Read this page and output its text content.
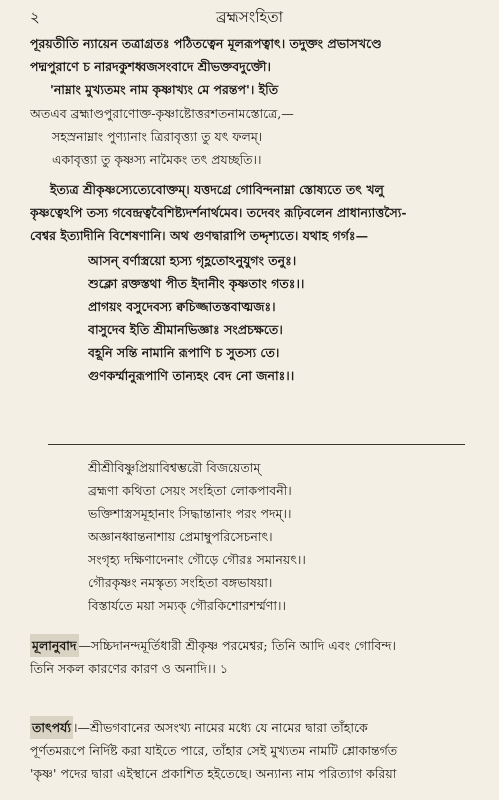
২	ব্রহ্মসংহিতা
পূরয়তীতি ন্যায়েন তত্রাগ্রতঃ পঠিতত্বেন মূলরূপত্বাৎ। তদুক্তং প্রভাসখণ্ডে
পদ্মপুরাণে চ নারদকুশধ্বজসংবাদে শ্রীভক্তবদুক্তৌ।
'নাম্নাং মুখ্যতমং নাম কৃষ্ণাখ্যং মে পরন্তপ'। ইতি
অতএব ব্রহ্মাণ্ডপুরাণোক্ত-কৃষ্ণাষ্টোত্তরশতনামস্তোত্রে,—
সহস্রনাম্নাং পুণ্যানাং ত্রিরাবৃত্ত্যা তু যৎ ফলম্।
একাবৃত্ত্যা তু কৃষ্ণস্য নামৈকং তৎ প্রযচ্ছতি।।
ইত্যত্র শ্রীকৃষ্ণস্যেত্যেবোক্তম্। যত্তদগ্রে গোবিন্দনাম্না স্তোষ্যতে তৎ খলু
কৃষ্ণত্বেঽপি তস্য গবেন্দ্রত্ববৈশিষ্ট্যদর্শনার্থমেব। তদেবং রূঢ়িবলেন প্রাধান্যাত্তস্যৈ-
বেশ্বর ইত্যাদীনি বিশেষণানি। অথ গুণদ্বারাপি তদ্দৃশ্যতে। যথাহ গর্গঃ—
আসন্ বর্ণাস্ত্রয়ো হ্যস্য গৃহ্ণতোঽনুযুগং তনুঃ।
শুক্লো রক্তস্তথা পীত ইদানীং কৃষ্ণতাং গতঃ।।
প্রাগয়ং বসুদেবস্য ক্বচিজ্জাতস্তবাত্মজঃ।
বাসুদেব ইতি শ্রীমানভিজ্ঞাঃ সংপ্রচক্ষতে।
বহূনি সন্তি নামানি রূপাণি চ সুতস্য তে।
গুণকর্ম্মানুরূপাণি তান্যহং বেদ নো জনাঃ।।
শ্রীশ্রীবিষ্ণুপ্রিয়াবিশ্বম্ভরৌ বিজয়েতাম্
ব্রহ্মণা কথিতা সেয়ং সংহিতা লোকপাবনী।
ভক্তিশাস্ত্রসমূহানাং সিদ্ধান্তানাং পরং পদম্।।
অজ্ঞানধ্বান্তনাশায় প্রেমাম্বুপরিসেচনাৎ।
সংগৃহ্য দক্ষিণাদেনাং গৌড়ে গৌরঃ সমানয়ৎ।।
গৌরকৃষ্ণং নমস্কৃত্য সংহিতা বঙ্গভাষয়া।
বিস্তার্যতে ময়া সম্যক্ গৌরকিশোরশর্ম্মণা।।
মূলানুবাদ —সচ্চিদানন্দমূর্তিধারী শ্রীকৃষ্ণ পরমেশ্বর; তিনি আদি এবং গোবিন্দ।
তিনি সকল কারণের কারণ ও অনাদি।। ১
তাৎপর্য্য ।—শ্রীভগবানের অসংখ্য নামের মধ্যে যে নামের দ্বারা তাঁহাকে
পূর্ণতমরূপে নির্দিষ্ট করা যাইতে পারে, তাঁহার সেই মুখ্যতম নামটি শ্লোকান্তর্গত
'কৃষ্ণ' পদের দ্বারা এইস্থানে প্রকাশিত হইতেছে। অন্যান্য নাম পরিত্যাগ করিয়া
